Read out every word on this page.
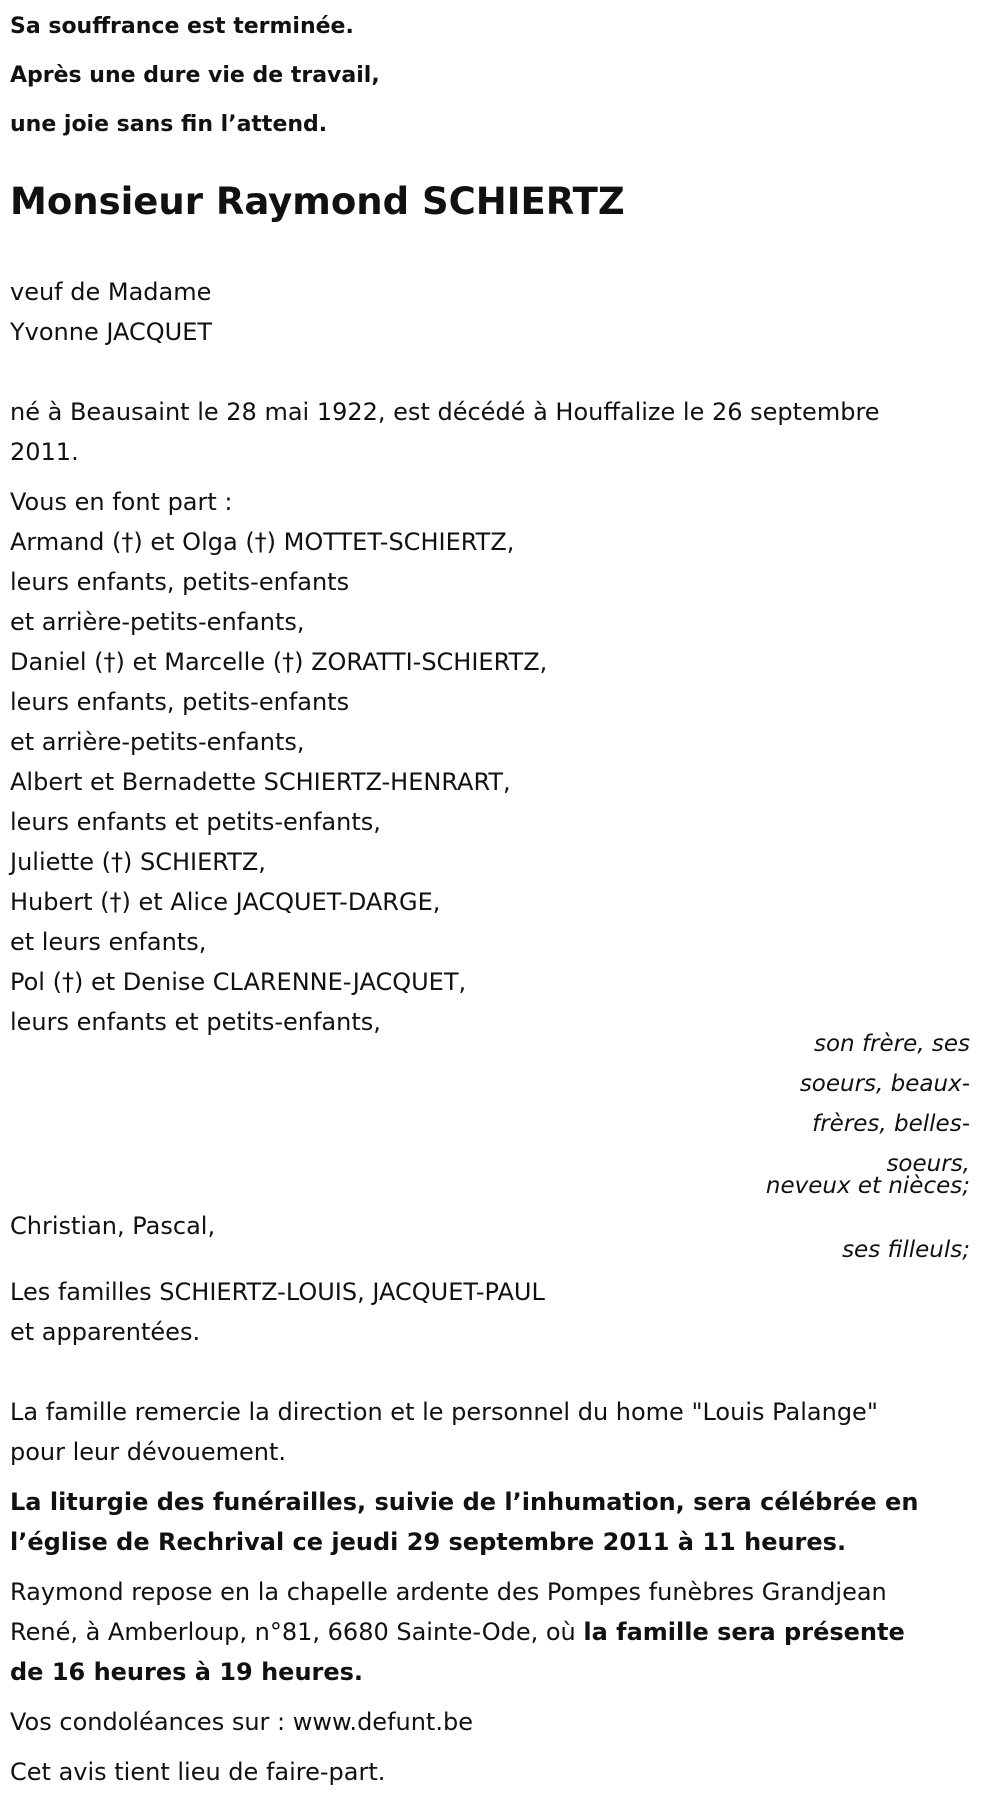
Sa souffrance est terminée.

Après une dure vie de travail,

une joie sans fin l’attend.

Monsieur Raymond SCHIERTZ

veuf de Madame

Yvonne JACQUET

né à Beausaint le 28 mai 1922, est décédé à Houffalize le 26 septembre

2011.

Vous en font part :

Armand (†) et Olga (†) MOTTET-SCHIERTZ,

leurs enfants, petits-enfants

et arrière-petits-enfants,

Daniel (†) et Marcelle (†) ZORATTI-SCHIERTZ,

leurs enfants, petits-enfants

et arrière-petits-enfants,

Albert et Bernadette SCHIERTZ-HENRART,

leurs enfants et petits-enfants,

Juliette (†) SCHIERTZ,

Hubert (†) et Alice JACQUET-DARGE,

et leurs enfants,

Pol (†) et Denise CLARENNE-JACQUET,

leurs enfants et petits-enfants,

son frère, ses

soeurs, beaux-

frères, belles-

soeurs,

neveux et nièces;

Christian, Pascal,

ses filleuls;

Les familles SCHIERTZ-LOUIS, JACQUET-PAUL

et apparentées.

La famille remercie la direction et le personnel du home "Louis Palange"

pour leur dévouement.

La liturgie des funérailles, suivie de l’inhumation, sera célébrée en

l’église de Rechrival ce jeudi 29 septembre 2011 à 11 heures.

Raymond repose en la chapelle ardente des Pompes funèbres Grandjean

René, à Amberloup, n°81, 6680 Sainte-Ode, où la famille sera présente

de 16 heures à 19 heures.

Vos condoléances sur : www.defunt.be

Cet avis tient lieu de faire-part.
